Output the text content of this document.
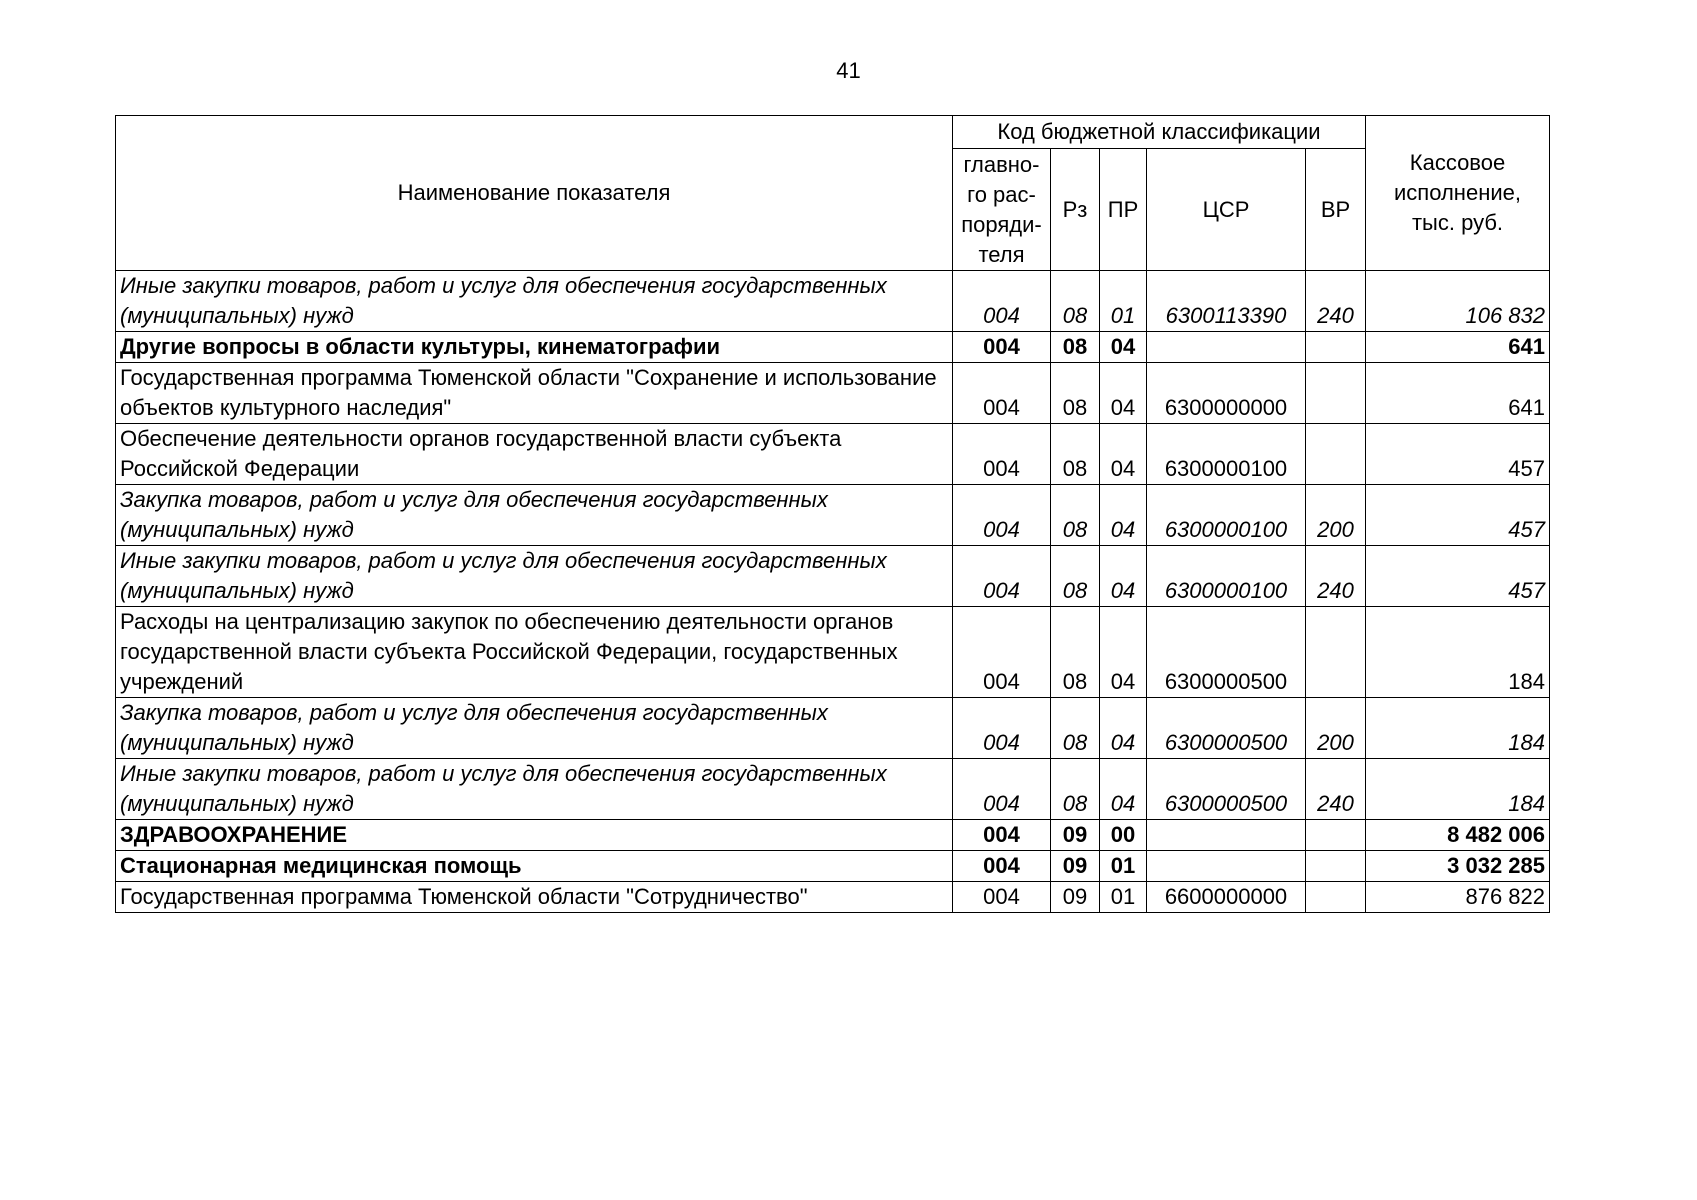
41
Наименование показателя	Код бюджетной классификации					Кассовое исполнение, тыс. руб.
	главно-го рас-поряди-теля	Рз	ПР	ЦСР	ВР	
Иные закупки товаров, работ и услуг для обеспечения государственных (муниципальных) нужд	004	08	01	6300113390	240	106 832
Другие вопросы в области культуры, кинематографии	004	08	04			641
Государственная программа Тюменской области "Сохранение и использование объектов культурного наследия"	004	08	04	6300000000		641
Обеспечение деятельности органов государственной власти субъекта Российской Федерации	004	08	04	6300000100		457
Закупка товаров, работ и услуг для обеспечения государственных (муниципальных) нужд	004	08	04	6300000100	200	457
Иные закупки товаров, работ и услуг для обеспечения государственных (муниципальных) нужд	004	08	04	6300000100	240	457
Расходы на централизацию закупок по обеспечению деятельности органов государственной власти субъекта Российской Федерации, государственных учреждений	004	08	04	6300000500		184
Закупка товаров, работ и услуг для обеспечения государственных (муниципальных) нужд	004	08	04	6300000500	200	184
Иные закупки товаров, работ и услуг для обеспечения государственных (муниципальных) нужд	004	08	04	6300000500	240	184
ЗДРАВООХРАНЕНИЕ	004	09	00			8 482 006
Стационарная медицинская помощь	004	09	01			3 032 285
Государственная программа Тюменской области "Сотрудничество"	004	09	01	6600000000		876 822
